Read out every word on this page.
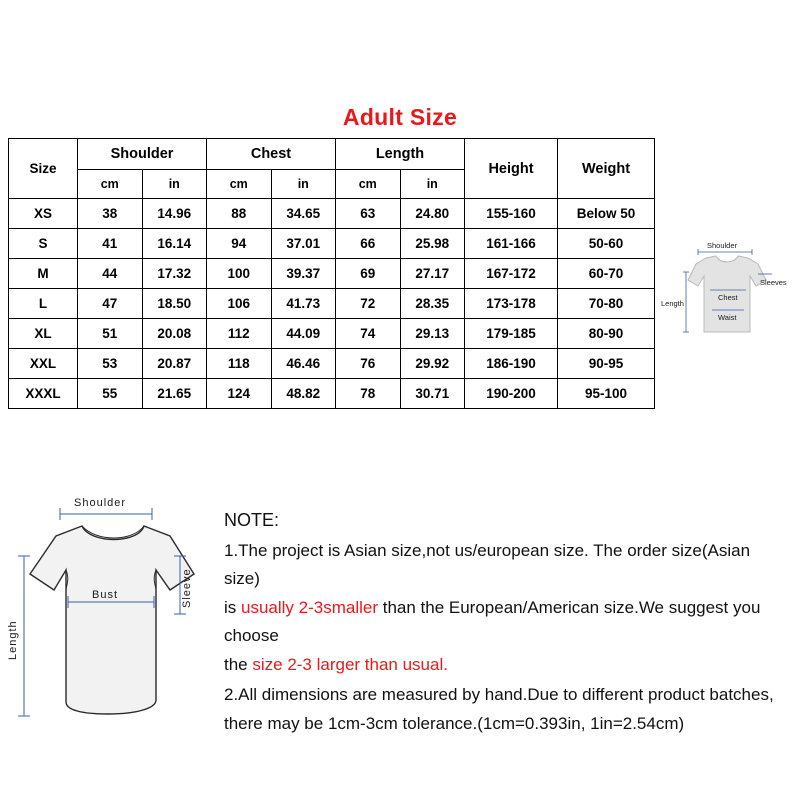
Adult Size
Size	Shoulder		Chest		Length		Height	Weight
	cm	in	cm	in	cm	in		
XS	38	14.96	88	34.65	63	24.80	155-160	Below 50
S	41	16.14	94	37.01	66	25.98	161-166	50-60
M	44	17.32	100	39.37	69	27.17	167-172	60-70
L	47	18.50	106	41.73	72	28.35	173-178	70-80
XL	51	20.08	112	44.09	74	29.13	179-185	80-90
XXL	53	20.87	118	46.46	76	29.92	186-190	90-95
XXXL	55	21.65	124	48.82	78	30.71	190-200	95-100
Shoulder
Sleeves
Chest
Waist
Length
Shoulder
Bust	Sleeve
Length

NOTE:

1.The project is Asian size,not us/european size. The order size(Asian size)

is usually 2-3smaller than the European/American size.We suggest you choose

the size 2-3 larger than usual.

2.All dimensions are measured by hand.Due to different product batches,

there may be 1cm-3cm tolerance.(1cm=0.393in, 1in=2.54cm)
